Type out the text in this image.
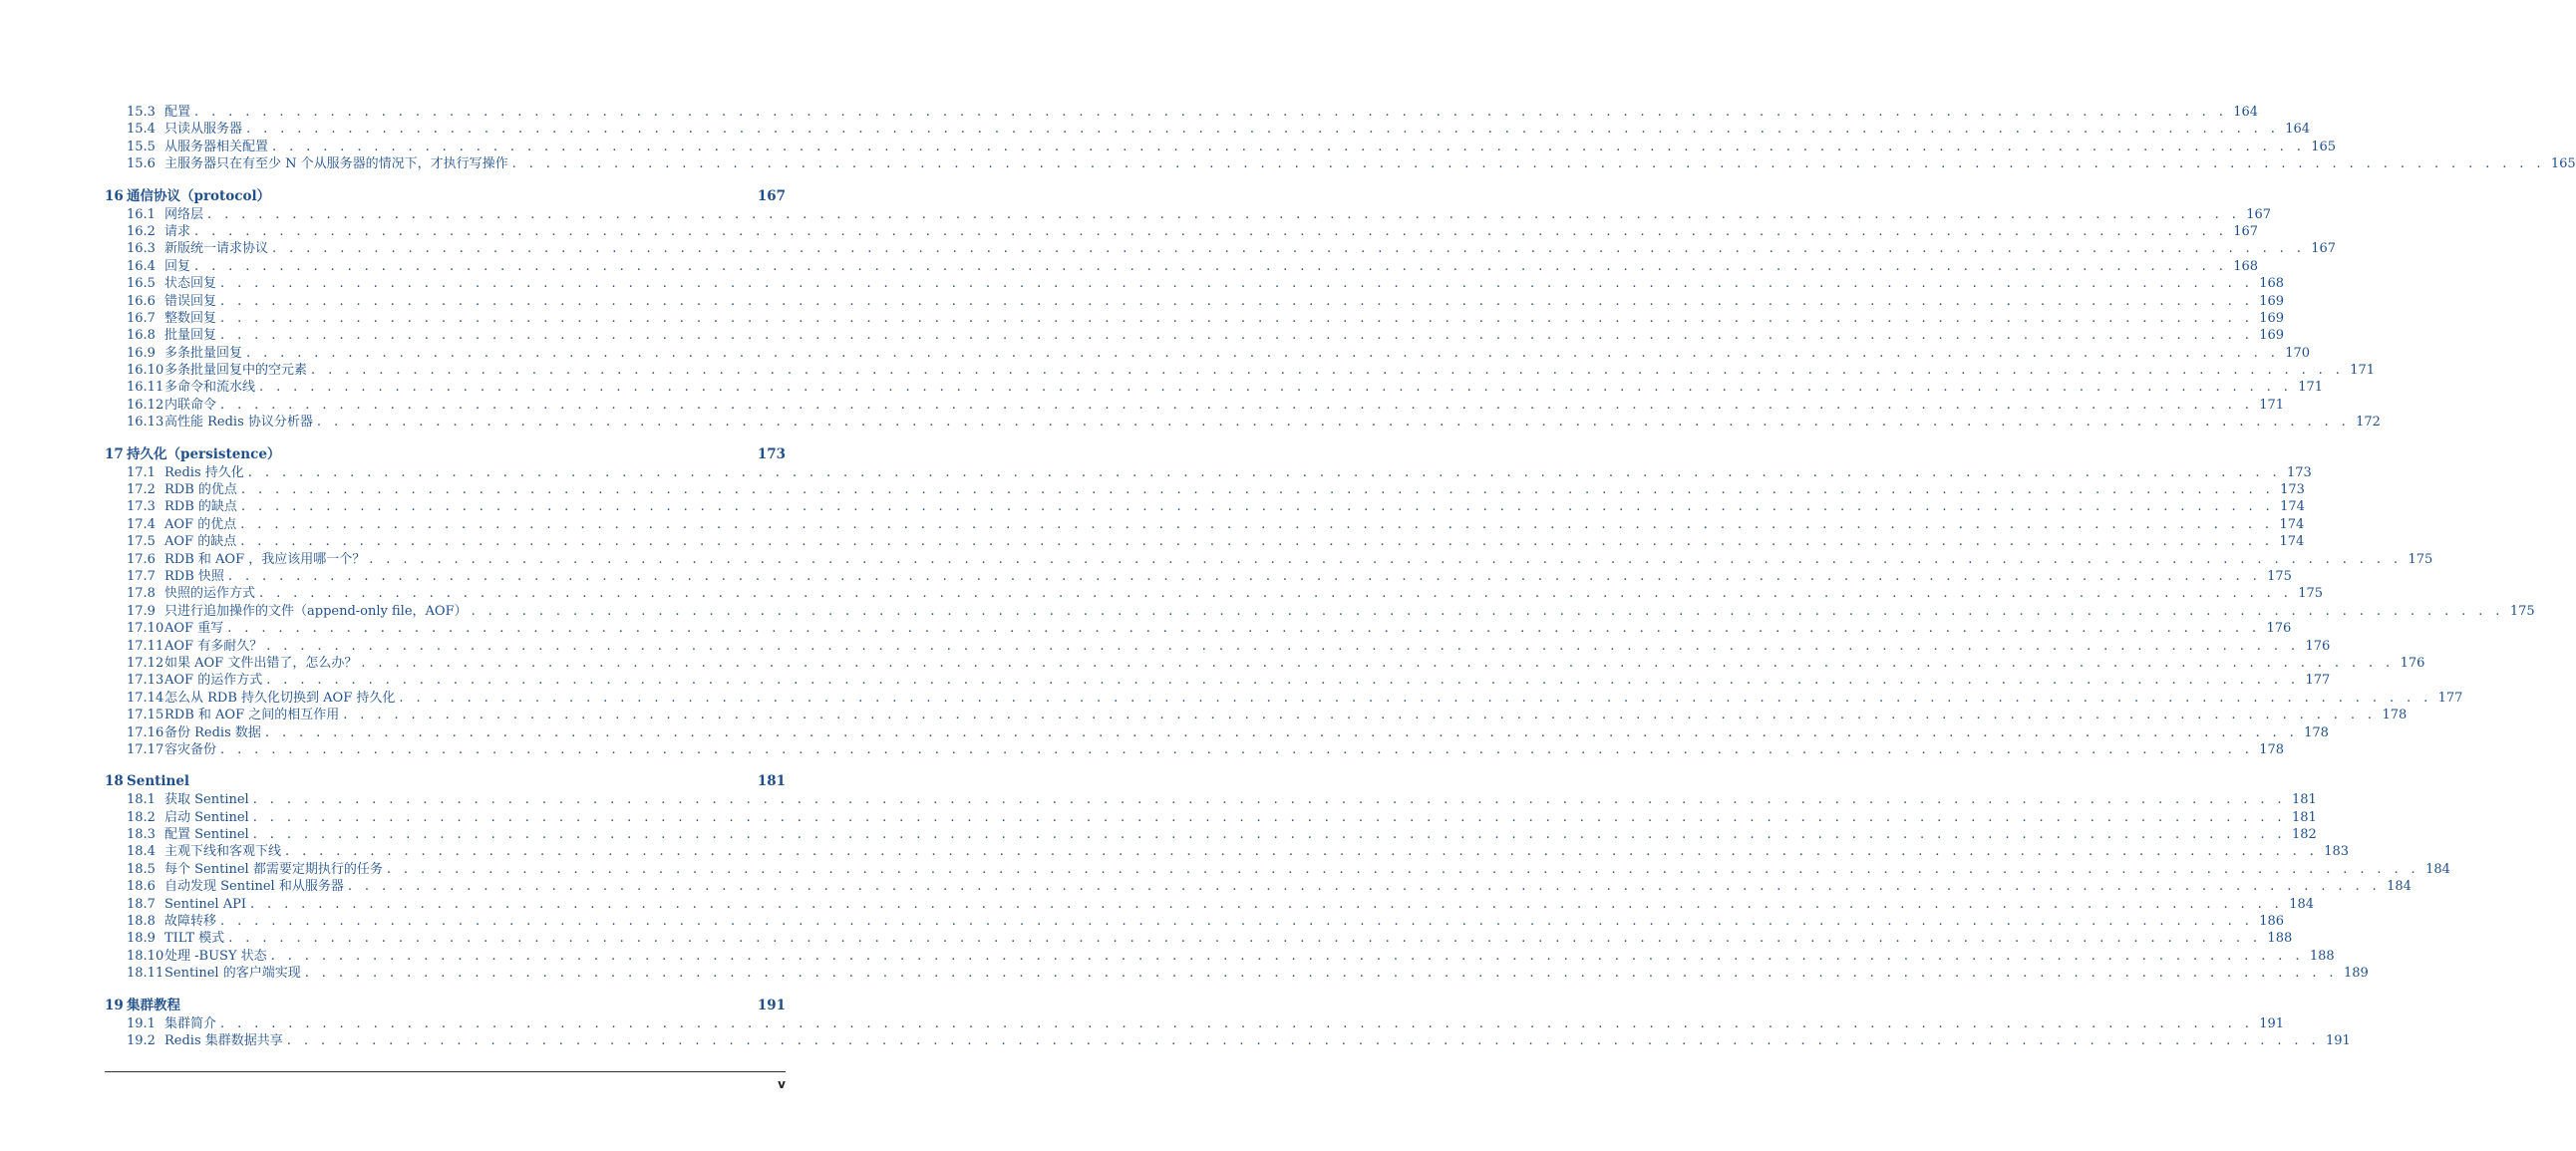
15.3 配置 . . . . . . . . . . . . . . . . . . . . . . . . . . . . . . . . . . . . . . . . . . . . . . . . . . . . . . . . . . . . . . . . . . . . . . . . . . . . . . . . . . . . . . . . . . . . . . . . . . . . . . . . . . . . . . . . . . . . . . . . 164
15.4 只读从服务器 . . . . . . . . . . . . . . . . . . . . . . . . . . . . . . . . . . . . . . . . . . . . . . . . . . . . . . . . . . . . . . . . . . . . . . . . . . . . . . . . . . . . . . . . . . . . . . . . . . . . . . . . . . . . . . . . . . . . . . . . 164
15.5 从服务器相关配置 . . . . . . . . . . . . . . . . . . . . . . . . . . . . . . . . . . . . . . . . . . . . . . . . . . . . . . . . . . . . . . . . . . . . . . . . . . . . . . . . . . . . . . . . . . . . . . . . . . . . . . . . . . . . . . . . . . . . . . . . 165
15.6 主服务器只在有至少 N 个从服务器的情况下，才执行写操作 . . . . . . . . . . . . . . . . . . . . . . . . . . . . . . . . . . . . . . . . . . . . . . . . . . . . . . . . . . . . . . . . . . . . . . . . . . . . . . . . . . . . . . . . . . . . . . . . . . . . . . . . . . . . . . . . . . . . . . . . 165
16 通信协议（protocol）	167
16.1 网络层 . . . . . . . . . . . . . . . . . . . . . . . . . . . . . . . . . . . . . . . . . . . . . . . . . . . . . . . . . . . . . . . . . . . . . . . . . . . . . . . . . . . . . . . . . . . . . . . . . . . . . . . . . . . . . . . . . . . . . . . . 167
16.2 请求 . . . . . . . . . . . . . . . . . . . . . . . . . . . . . . . . . . . . . . . . . . . . . . . . . . . . . . . . . . . . . . . . . . . . . . . . . . . . . . . . . . . . . . . . . . . . . . . . . . . . . . . . . . . . . . . . . . . . . . . . 167
16.3 新版统一请求协议 . . . . . . . . . . . . . . . . . . . . . . . . . . . . . . . . . . . . . . . . . . . . . . . . . . . . . . . . . . . . . . . . . . . . . . . . . . . . . . . . . . . . . . . . . . . . . . . . . . . . . . . . . . . . . . . . . . . . . . . . 167
16.4 回复 . . . . . . . . . . . . . . . . . . . . . . . . . . . . . . . . . . . . . . . . . . . . . . . . . . . . . . . . . . . . . . . . . . . . . . . . . . . . . . . . . . . . . . . . . . . . . . . . . . . . . . . . . . . . . . . . . . . . . . . . 168
16.5 状态回复 . . . . . . . . . . . . . . . . . . . . . . . . . . . . . . . . . . . . . . . . . . . . . . . . . . . . . . . . . . . . . . . . . . . . . . . . . . . . . . . . . . . . . . . . . . . . . . . . . . . . . . . . . . . . . . . . . . . . . . . . 168
16.6 错误回复 . . . . . . . . . . . . . . . . . . . . . . . . . . . . . . . . . . . . . . . . . . . . . . . . . . . . . . . . . . . . . . . . . . . . . . . . . . . . . . . . . . . . . . . . . . . . . . . . . . . . . . . . . . . . . . . . . . . . . . . . 169
16.7 整数回复 . . . . . . . . . . . . . . . . . . . . . . . . . . . . . . . . . . . . . . . . . . . . . . . . . . . . . . . . . . . . . . . . . . . . . . . . . . . . . . . . . . . . . . . . . . . . . . . . . . . . . . . . . . . . . . . . . . . . . . . . 169
16.8 批量回复 . . . . . . . . . . . . . . . . . . . . . . . . . . . . . . . . . . . . . . . . . . . . . . . . . . . . . . . . . . . . . . . . . . . . . . . . . . . . . . . . . . . . . . . . . . . . . . . . . . . . . . . . . . . . . . . . . . . . . . . . 169
16.9 多条批量回复 . . . . . . . . . . . . . . . . . . . . . . . . . . . . . . . . . . . . . . . . . . . . . . . . . . . . . . . . . . . . . . . . . . . . . . . . . . . . . . . . . . . . . . . . . . . . . . . . . . . . . . . . . . . . . . . . . . . . . . . . 170
16.10 多条批量回复中的空元素 . . . . . . . . . . . . . . . . . . . . . . . . . . . . . . . . . . . . . . . . . . . . . . . . . . . . . . . . . . . . . . . . . . . . . . . . . . . . . . . . . . . . . . . . . . . . . . . . . . . . . . . . . . . . . . . . . . . . . . . . 171
16.11 多命令和流水线 . . . . . . . . . . . . . . . . . . . . . . . . . . . . . . . . . . . . . . . . . . . . . . . . . . . . . . . . . . . . . . . . . . . . . . . . . . . . . . . . . . . . . . . . . . . . . . . . . . . . . . . . . . . . . . . . . . . . . . . . 171
16.12 内联命令 . . . . . . . . . . . . . . . . . . . . . . . . . . . . . . . . . . . . . . . . . . . . . . . . . . . . . . . . . . . . . . . . . . . . . . . . . . . . . . . . . . . . . . . . . . . . . . . . . . . . . . . . . . . . . . . . . . . . . . . . 171
16.13 高性能 Redis 协议分析器 . . . . . . . . . . . . . . . . . . . . . . . . . . . . . . . . . . . . . . . . . . . . . . . . . . . . . . . . . . . . . . . . . . . . . . . . . . . . . . . . . . . . . . . . . . . . . . . . . . . . . . . . . . . . . . . . . . . . . . . . 172
17 持久化（persistence）	173
17.1 Redis 持久化 . . . . . . . . . . . . . . . . . . . . . . . . . . . . . . . . . . . . . . . . . . . . . . . . . . . . . . . . . . . . . . . . . . . . . . . . . . . . . . . . . . . . . . . . . . . . . . . . . . . . . . . . . . . . . . . . . . . . . . . . 173
17.2 RDB 的优点 . . . . . . . . . . . . . . . . . . . . . . . . . . . . . . . . . . . . . . . . . . . . . . . . . . . . . . . . . . . . . . . . . . . . . . . . . . . . . . . . . . . . . . . . . . . . . . . . . . . . . . . . . . . . . . . . . . . . . . . . 173
17.3 RDB 的缺点 . . . . . . . . . . . . . . . . . . . . . . . . . . . . . . . . . . . . . . . . . . . . . . . . . . . . . . . . . . . . . . . . . . . . . . . . . . . . . . . . . . . . . . . . . . . . . . . . . . . . . . . . . . . . . . . . . . . . . . . . 174
17.4 AOF 的优点 . . . . . . . . . . . . . . . . . . . . . . . . . . . . . . . . . . . . . . . . . . . . . . . . . . . . . . . . . . . . . . . . . . . . . . . . . . . . . . . . . . . . . . . . . . . . . . . . . . . . . . . . . . . . . . . . . . . . . . . . 174
17.5 AOF 的缺点 . . . . . . . . . . . . . . . . . . . . . . . . . . . . . . . . . . . . . . . . . . . . . . . . . . . . . . . . . . . . . . . . . . . . . . . . . . . . . . . . . . . . . . . . . . . . . . . . . . . . . . . . . . . . . . . . . . . . . . . . 174
17.6 RDB 和 AOF ，我应该用哪一个？ . . . . . . . . . . . . . . . . . . . . . . . . . . . . . . . . . . . . . . . . . . . . . . . . . . . . . . . . . . . . . . . . . . . . . . . . . . . . . . . . . . . . . . . . . . . . . . . . . . . . . . . . . . . . . . . . . . . . . . . . 175
17.7 RDB 快照 . . . . . . . . . . . . . . . . . . . . . . . . . . . . . . . . . . . . . . . . . . . . . . . . . . . . . . . . . . . . . . . . . . . . . . . . . . . . . . . . . . . . . . . . . . . . . . . . . . . . . . . . . . . . . . . . . . . . . . . . 175
17.8 快照的运作方式 . . . . . . . . . . . . . . . . . . . . . . . . . . . . . . . . . . . . . . . . . . . . . . . . . . . . . . . . . . . . . . . . . . . . . . . . . . . . . . . . . . . . . . . . . . . . . . . . . . . . . . . . . . . . . . . . . . . . . . . . 175
17.9 只进行追加操作的文件（append-only file，AOF） . . . . . . . . . . . . . . . . . . . . . . . . . . . . . . . . . . . . . . . . . . . . . . . . . . . . . . . . . . . . . . . . . . . . . . . . . . . . . . . . . . . . . . . . . . . . . . . . . . . . . . . . . . . . . . . . . . . . . . . . 175
17.10 AOF 重写 . . . . . . . . . . . . . . . . . . . . . . . . . . . . . . . . . . . . . . . . . . . . . . . . . . . . . . . . . . . . . . . . . . . . . . . . . . . . . . . . . . . . . . . . . . . . . . . . . . . . . . . . . . . . . . . . . . . . . . . . 176
17.11 AOF 有多耐久？ . . . . . . . . . . . . . . . . . . . . . . . . . . . . . . . . . . . . . . . . . . . . . . . . . . . . . . . . . . . . . . . . . . . . . . . . . . . . . . . . . . . . . . . . . . . . . . . . . . . . . . . . . . . . . . . . . . . . . . . . 176
17.12 如果 AOF 文件出错了，怎么办？ . . . . . . . . . . . . . . . . . . . . . . . . . . . . . . . . . . . . . . . . . . . . . . . . . . . . . . . . . . . . . . . . . . . . . . . . . . . . . . . . . . . . . . . . . . . . . . . . . . . . . . . . . . . . . . . . . . . . . . . . 176
17.13 AOF 的运作方式 . . . . . . . . . . . . . . . . . . . . . . . . . . . . . . . . . . . . . . . . . . . . . . . . . . . . . . . . . . . . . . . . . . . . . . . . . . . . . . . . . . . . . . . . . . . . . . . . . . . . . . . . . . . . . . . . . . . . . . . . 177
17.14 怎么从 RDB 持久化切换到 AOF 持久化 . . . . . . . . . . . . . . . . . . . . . . . . . . . . . . . . . . . . . . . . . . . . . . . . . . . . . . . . . . . . . . . . . . . . . . . . . . . . . . . . . . . . . . . . . . . . . . . . . . . . . . . . . . . . . . . . . . . . . . . . 177
17.15 RDB 和 AOF 之间的相互作用 . . . . . . . . . . . . . . . . . . . . . . . . . . . . . . . . . . . . . . . . . . . . . . . . . . . . . . . . . . . . . . . . . . . . . . . . . . . . . . . . . . . . . . . . . . . . . . . . . . . . . . . . . . . . . . . . . . . . . . . . 178
17.16 备份 Redis 数据 . . . . . . . . . . . . . . . . . . . . . . . . . . . . . . . . . . . . . . . . . . . . . . . . . . . . . . . . . . . . . . . . . . . . . . . . . . . . . . . . . . . . . . . . . . . . . . . . . . . . . . . . . . . . . . . . . . . . . . . . 178
17.17 容灾备份 . . . . . . . . . . . . . . . . . . . . . . . . . . . . . . . . . . . . . . . . . . . . . . . . . . . . . . . . . . . . . . . . . . . . . . . . . . . . . . . . . . . . . . . . . . . . . . . . . . . . . . . . . . . . . . . . . . . . . . . . 178
18 Sentinel	181
18.1 获取 Sentinel . . . . . . . . . . . . . . . . . . . . . . . . . . . . . . . . . . . . . . . . . . . . . . . . . . . . . . . . . . . . . . . . . . . . . . . . . . . . . . . . . . . . . . . . . . . . . . . . . . . . . . . . . . . . . . . . . . . . . . . . 181
18.2 启动 Sentinel . . . . . . . . . . . . . . . . . . . . . . . . . . . . . . . . . . . . . . . . . . . . . . . . . . . . . . . . . . . . . . . . . . . . . . . . . . . . . . . . . . . . . . . . . . . . . . . . . . . . . . . . . . . . . . . . . . . . . . . . 181
18.3 配置 Sentinel . . . . . . . . . . . . . . . . . . . . . . . . . . . . . . . . . . . . . . . . . . . . . . . . . . . . . . . . . . . . . . . . . . . . . . . . . . . . . . . . . . . . . . . . . . . . . . . . . . . . . . . . . . . . . . . . . . . . . . . . 182
18.4 主观下线和客观下线 . . . . . . . . . . . . . . . . . . . . . . . . . . . . . . . . . . . . . . . . . . . . . . . . . . . . . . . . . . . . . . . . . . . . . . . . . . . . . . . . . . . . . . . . . . . . . . . . . . . . . . . . . . . . . . . . . . . . . . . . 183
18.5 每个 Sentinel 都需要定期执行的任务 . . . . . . . . . . . . . . . . . . . . . . . . . . . . . . . . . . . . . . . . . . . . . . . . . . . . . . . . . . . . . . . . . . . . . . . . . . . . . . . . . . . . . . . . . . . . . . . . . . . . . . . . . . . . . . . . . . . . . . . . 184
18.6 自动发现 Sentinel 和从服务器 . . . . . . . . . . . . . . . . . . . . . . . . . . . . . . . . . . . . . . . . . . . . . . . . . . . . . . . . . . . . . . . . . . . . . . . . . . . . . . . . . . . . . . . . . . . . . . . . . . . . . . . . . . . . . . . . . . . . . . . . 184
18.7 Sentinel API . . . . . . . . . . . . . . . . . . . . . . . . . . . . . . . . . . . . . . . . . . . . . . . . . . . . . . . . . . . . . . . . . . . . . . . . . . . . . . . . . . . . . . . . . . . . . . . . . . . . . . . . . . . . . . . . . . . . . . . . 184
18.8 故障转移 . . . . . . . . . . . . . . . . . . . . . . . . . . . . . . . . . . . . . . . . . . . . . . . . . . . . . . . . . . . . . . . . . . . . . . . . . . . . . . . . . . . . . . . . . . . . . . . . . . . . . . . . . . . . . . . . . . . . . . . . 186
18.9 TILT 模式 . . . . . . . . . . . . . . . . . . . . . . . . . . . . . . . . . . . . . . . . . . . . . . . . . . . . . . . . . . . . . . . . . . . . . . . . . . . . . . . . . . . . . . . . . . . . . . . . . . . . . . . . . . . . . . . . . . . . . . . . 188
18.10 处理 -BUSY 状态 . . . . . . . . . . . . . . . . . . . . . . . . . . . . . . . . . . . . . . . . . . . . . . . . . . . . . . . . . . . . . . . . . . . . . . . . . . . . . . . . . . . . . . . . . . . . . . . . . . . . . . . . . . . . . . . . . . . . . . . . 188
18.11 Sentinel 的客户端实现 . . . . . . . . . . . . . . . . . . . . . . . . . . . . . . . . . . . . . . . . . . . . . . . . . . . . . . . . . . . . . . . . . . . . . . . . . . . . . . . . . . . . . . . . . . . . . . . . . . . . . . . . . . . . . . . . . . . . . . . . 189
19 集群教程	191
19.1 集群简介 . . . . . . . . . . . . . . . . . . . . . . . . . . . . . . . . . . . . . . . . . . . . . . . . . . . . . . . . . . . . . . . . . . . . . . . . . . . . . . . . . . . . . . . . . . . . . . . . . . . . . . . . . . . . . . . . . . . . . . . . 191
19.2 Redis 集群数据共享 . . . . . . . . . . . . . . . . . . . . . . . . . . . . . . . . . . . . . . . . . . . . . . . . . . . . . . . . . . . . . . . . . . . . . . . . . . . . . . . . . . . . . . . . . . . . . . . . . . . . . . . . . . . . . . . . . . . . . . . . 191
v
